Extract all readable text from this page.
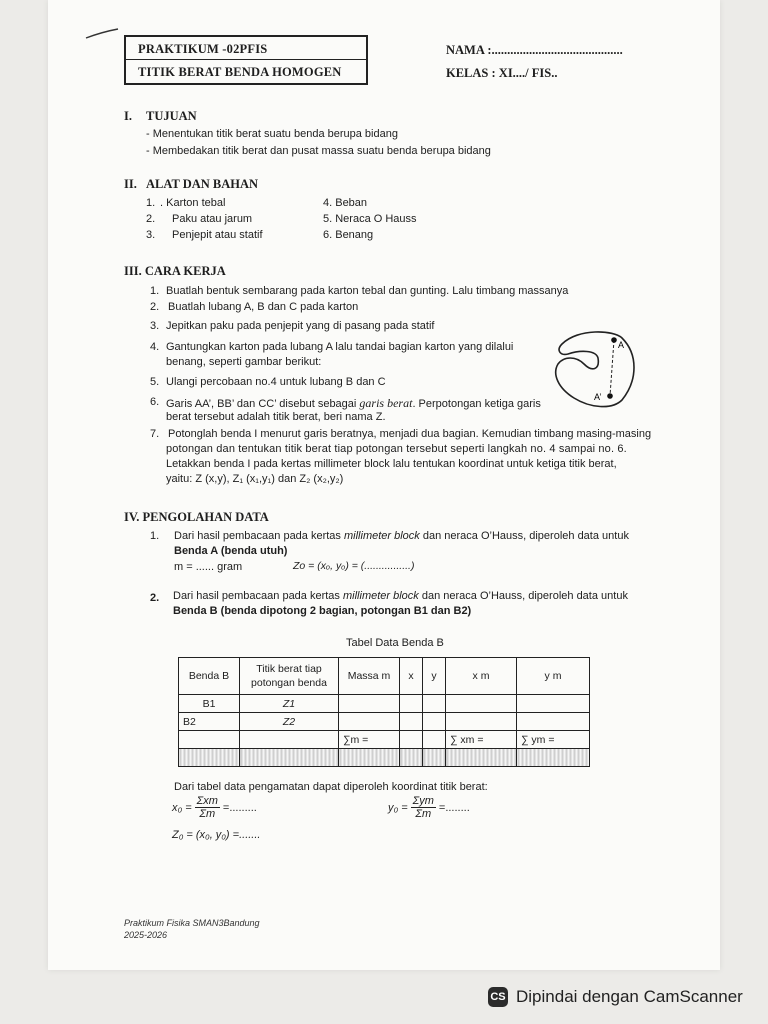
PRAKTIKUM -02PFIS
TITIK BERAT BENDA HOMOGEN
NAMA :..........................................
KELAS : XI..../ FIS..
I. TUJUAN
- Menentukan titik berat suatu benda berupa bidang
- Membedakan titik berat dan pusat massa suatu benda berupa bidang
II. ALAT DAN BAHAN
1. . Karton tebal
2. Paku atau jarum
3. Penjepit atau statif
4. Beban
5. Neraca O Hauss
6. Benang
III. CARA KERJA
1. Buatlah bentuk sembarang pada karton tebal dan gunting. Lalu timbang massanya
2. Buatlah lubang A, B dan C pada karton
3. Jepitkan paku pada penjepit yang di pasang pada statif
4. Gantungkan karton pada lubang A lalu tandai bagian karton yang dilalui
benang, seperti gambar berikut:
5. Ulangi percobaan no.4 untuk lubang B dan C
6. Garis AA’, BB’ dan CC’ disebut sebagai garis berat. Perpotongan ketiga garis
berat tersebut adalah titik berat, beri nama Z.
7. Potonglah benda I menurut garis beratnya, menjadi dua bagian. Kemudian timbang masing-masing
potongan dan tentukan titik berat tiap potongan tersebut seperti langkah no. 4 sampai no. 6.
Letakkan benda I pada kertas millimeter block lalu tentukan koordinat untuk ketiga titik berat,
yaitu: Z (x,y), Z₁ (x₁,y₁) dan Z₂ (x₂,y₂)
A
A’
IV. PENGOLAHAN DATA
1. Dari hasil pembacaan pada kertas millimeter block dan neraca O’Hauss, diperoleh data untuk
Benda A (benda utuh)
m = ...... gram	Zo = (xₒ, yₒ) = (................)
2. Dari hasil pembacaan pada kertas millimeter block dan neraca O’Hauss, diperoleh data untuk
Benda B (benda dipotong 2 bagian, potongan B1 dan B2)
Tabel Data Benda B
Benda B	Titik berat tiap potongan benda	Massa m	x	y	x m	y m
B1	Z1					
B2	Z2					
		∑m =			∑ xm =	∑ ym =

Dari tabel data pengamatan dapat diperoleh koordinat titik berat:
$x_0 = \frac{\text{Σxm}}{\Sigma m}$ =.........	$y_0 = \frac{\text{Σym}}{\Sigma m}$ =........
Z₀ = (x₀, y₀) =.......
Praktikum Fisika SMAN3Bandung
2025-2026
CS Dipindai dengan CamScanner
